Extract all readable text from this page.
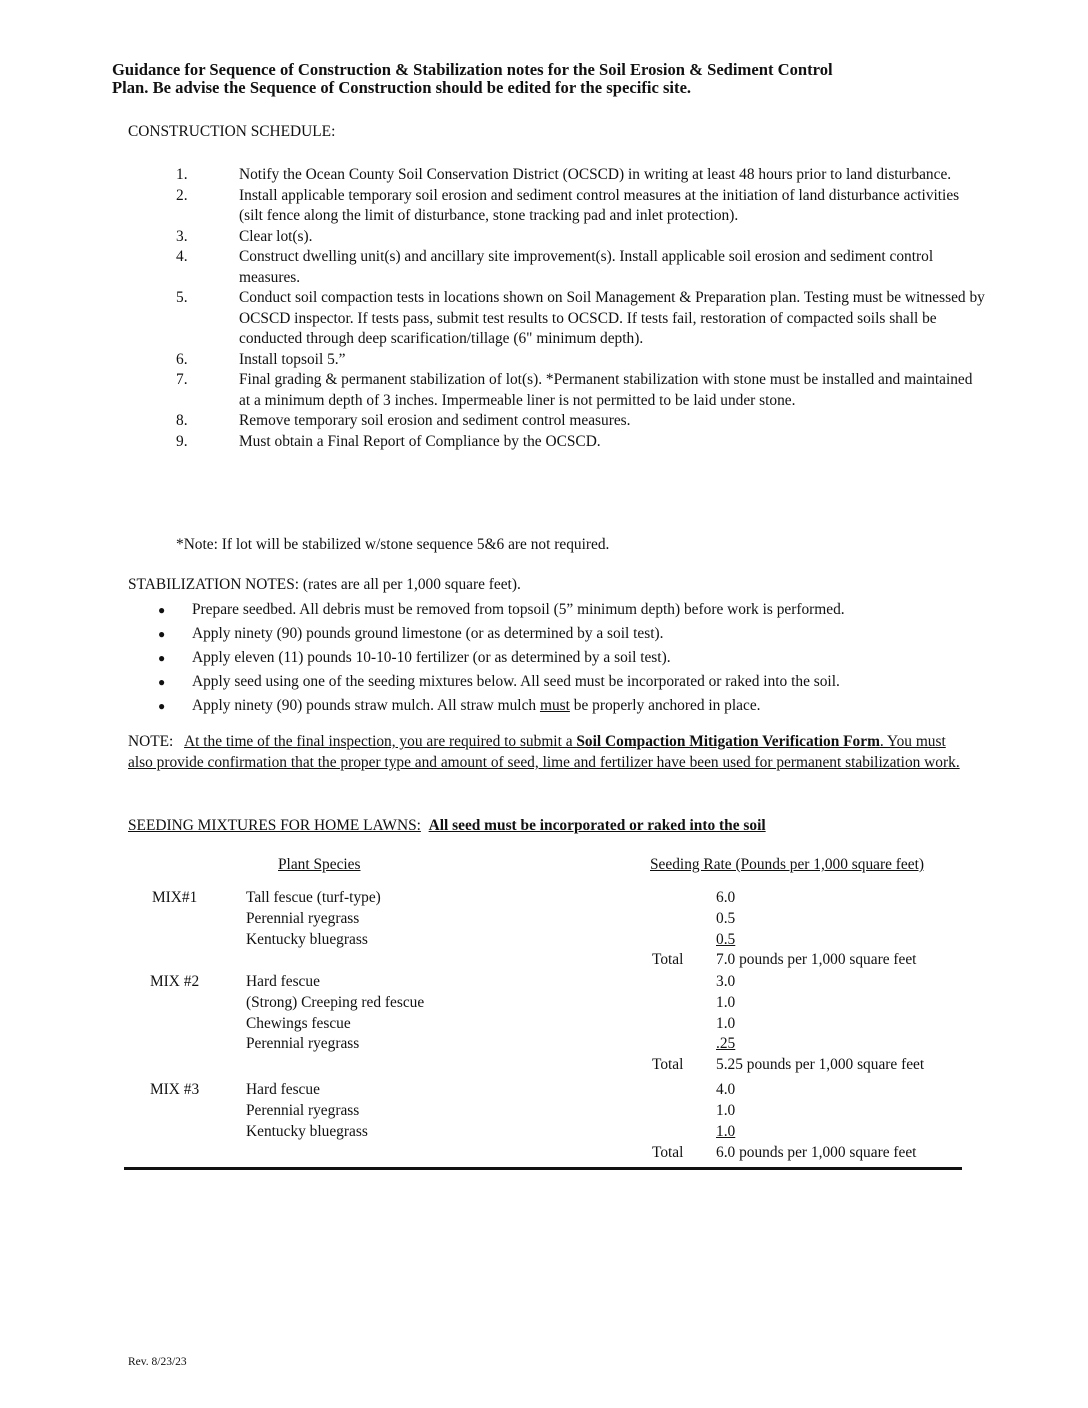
Guidance for Sequence of Construction & Stabilization notes for the Soil Erosion & Sediment Control
Plan. Be advise the Sequence of Construction should be edited for the specific site.
CONSTRUCTION SCHEDULE:
1.	Notify the Ocean County Soil Conservation District (OCSCD) in writing at least 48 hours prior to land disturbance.
2.	Install applicable temporary soil erosion and sediment control measures at the initiation of land disturbance activities (silt fence along the limit of disturbance, stone tracking pad and inlet protection).
3.	Clear lot(s).
4.	Construct dwelling unit(s) and ancillary site improvement(s). Install applicable soil erosion and sediment control measures.
5.	Conduct soil compaction tests in locations shown on Soil Management & Preparation plan. Testing must be witnessed by OCSCD inspector. If tests pass, submit test results to OCSCD. If tests fail, restoration of compacted soils shall be conducted through deep scarification/tillage (6" minimum depth).
6.	Install topsoil 5.”
7.	Final grading & permanent stabilization of lot(s). *Permanent stabilization with stone must be installed and maintained at a minimum depth of 3 inches. Impermeable liner is not permitted to be laid under stone.
8.	Remove temporary soil erosion and sediment control measures.
9.	Must obtain a Final Report of Compliance by the OCSCD.
*Note: If lot will be stabilized w/stone sequence 5&6 are not required.
STABILIZATION NOTES: (rates are all per 1,000 square feet).
●	Prepare seedbed. All debris must be removed from topsoil (5” minimum depth) before work is performed.
●	Apply ninety (90) pounds ground limestone (or as determined by a soil test).
●	Apply eleven (11) pounds 10-10-10 fertilizer (or as determined by a soil test).
●	Apply seed using one of the seeding mixtures below. All seed must be incorporated or raked into the soil.
●	Apply ninety (90) pounds straw mulch. All straw mulch must be properly anchored in place.
NOTE:   At the time of the final inspection, you are required to submit a Soil Compaction Mitigation Verification Form. You must also provide confirmation that the proper type and amount of seed, lime and fertilizer have been used for permanent stabilization work.
SEEDING MIXTURES FOR HOME LAWNS: All seed must be incorporated or raked into the soil
Plant Species	Seeding Rate (Pounds per 1,000 square feet)
MIX#1	Tall fescue (turf-type)	6.0
Perennial ryegrass	0.5
Kentucky bluegrass	0.5
Total 7.0 pounds per 1,000 square feet
MIX #2	Hard fescue	3.0
(Strong) Creeping red fescue	1.0
Chewings fescue	1.0
Perennial ryegrass	.25
Total 5.25 pounds per 1,000 square feet
MIX #3	Hard fescue	4.0
Perennial ryegrass	1.0
Kentucky bluegrass	1.0
Total 6.0 pounds per 1,000 square feet
Rev. 8/23/23
